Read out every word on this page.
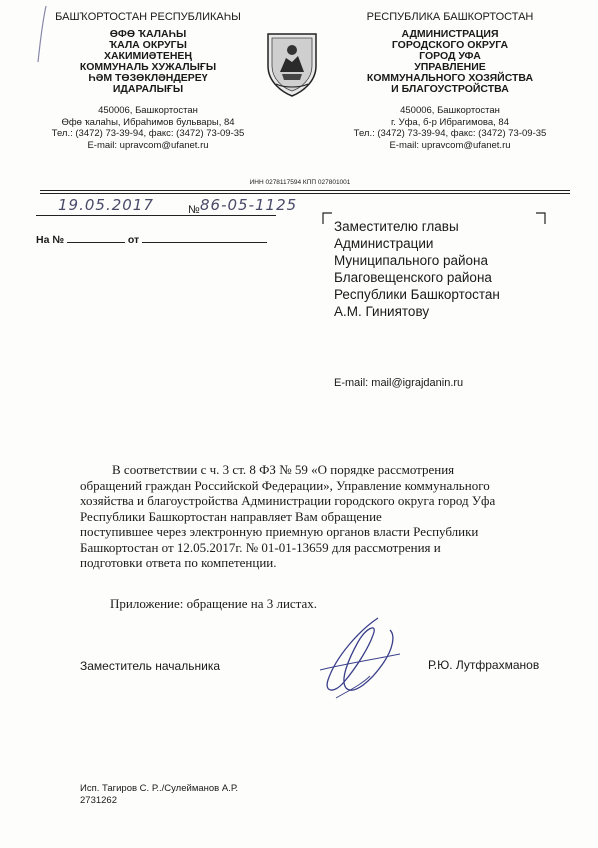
БАШҠОРТОСТАН РЕСПУБЛИКАҺЫ
ӨФӨ ҠАЛАҺЫ
ҠАЛА ОКРУГЫ
ХАКИМИӘТЕНЕҢ
КОММУНАЛЬ ХУЖАЛЫҒЫ
ҺӘМ ТӨЗӨКЛӘНДЕРЕҮ
ИДАРАЛЫҒЫ
450006, Башкортостан
Өфө ҡалаһы, Ибраһимов бульвары, 84
Тел.: (3472) 73-39-94, факс: (3472) 73-09-35
E-mail: upravcom@ufanet.ru
РЕСПУБЛИКА БАШКОРТОСТАН
АДМИНИСТРАЦИЯ
ГОРОДСКОГО ОКРУГА
ГОРОД УФА
УПРАВЛЕНИЕ
КОММУНАЛЬНОГО ХОЗЯЙСТВА
И БЛАГОУСТРОЙСТВА
450006, Башкортостан
г. Уфа, б-р Ибрагимова, 84
Тел.: (3472) 73-39-94, факс: (3472) 73-09-35
E-mail: upravcom@ufanet.ru
ИНН 0278117594 КПП 027801001
19.05.2017	№ 86-05-1125
На №	от
Заместителю главы
Администрации
Муниципального района
Благовещенского района
Республики Башкортостан
А.М. Гиниятову
E-mail: mail@igrajdanin.ru
В соответствии с ч. 3 ст. 8 ФЗ № 59 «О порядке рассмотрения
обращений граждан Российской Федерации», Управление коммунального
хозяйства и благоустройства Администрации городского округа город Уфа
Республики Башкортостан направляет Вам обращение
поступившее через электронную приемную органов власти Республики
Башкортостан от 12.05.2017г. № 01-01-13659 для рассмотрения и
подготовки ответа по компетенции.
Приложение: обращение на 3 листах.
Заместитель начальника	Р.Ю. Лутфрахманов
Исп. Тагиров С. Р../Сулейманов А.Р.
2731262
